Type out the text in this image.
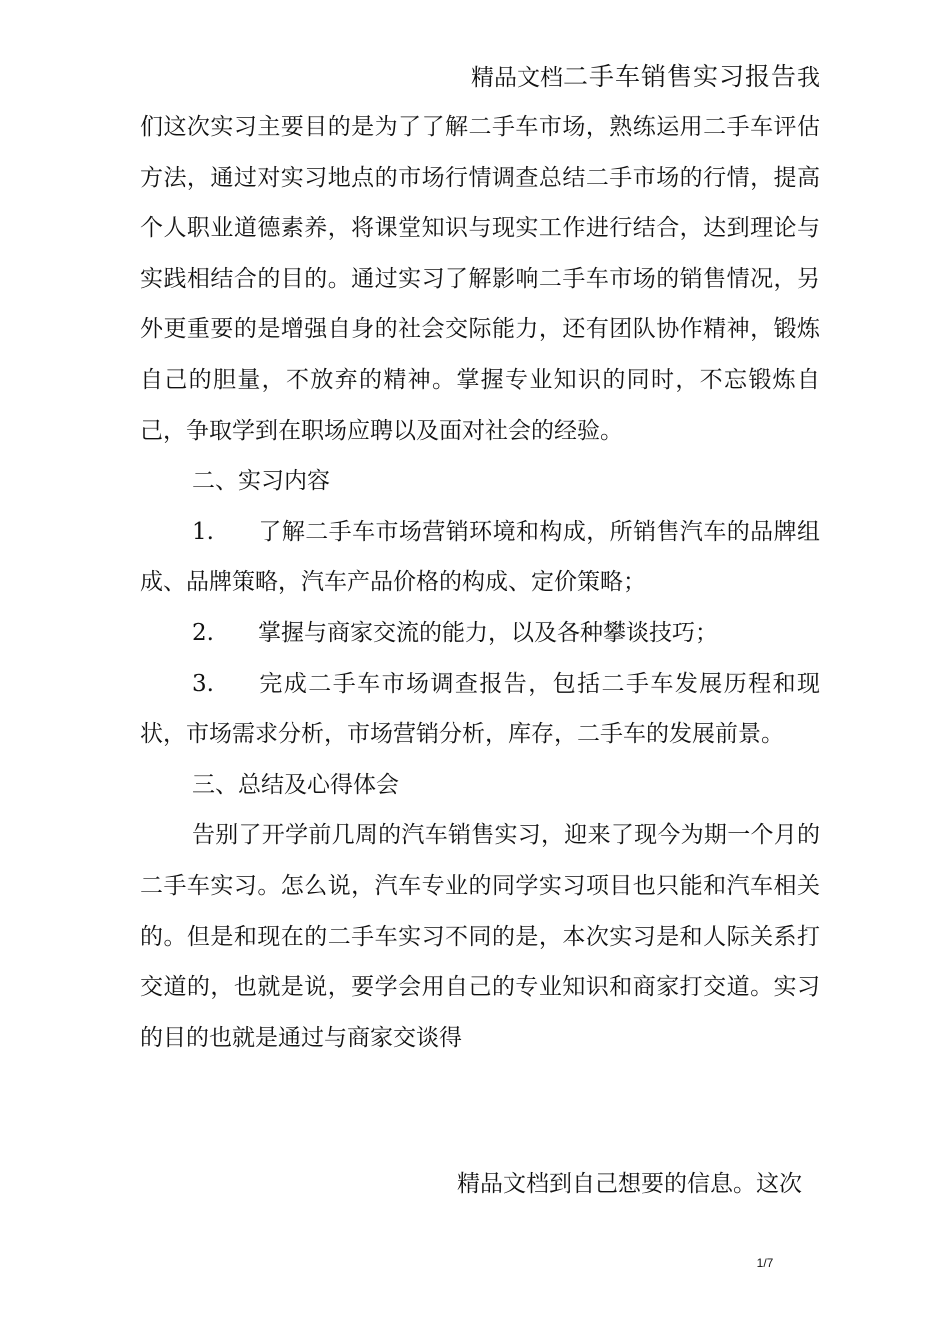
精品文档二手车销售实习报告我

们这次实习主要目的是为了了解二手车市场，熟练运用二手车评估方法，通过对实习地点的市场行情调查总结二手市场的行情，提高个人职业道德素养，将课堂知识与现实工作进行结合，达到理论与实践相结合的目的。通过实习了解影响二手车市场的销售情况，另外更重要的是增强自身的社会交际能力，还有团队协作精神，锻炼自己的胆量，不放弃的精神。掌握专业知识的同时，不忘锻炼自己，争取学到在职场应聘以及面对社会的经验。

二、实习内容

1. 了解二手车市场营销环境和构成，所销售汽车的品牌组成、品牌策略，汽车产品价格的构成、定价策略；

2. 掌握与商家交流的能力，以及各种攀谈技巧；

3. 完成二手车市场调查报告，包括二手车发展历程和现状，市场需求分析，市场营销分析，库存，二手车的发展前景。

三、总结及心得体会

告别了开学前几周的汽车销售实习，迎来了现今为期一个月的二手车实习。怎么说，汽车专业的同学实习项目也只能和汽车相关的。但是和现在的二手车实习不同的是，本次实习是和人际关系打交道的，也就是说，要学会用自己的专业知识和商家打交道。实习的目的也就是通过与商家交谈得

精品文档到自己想要的信息。这次
1/7
